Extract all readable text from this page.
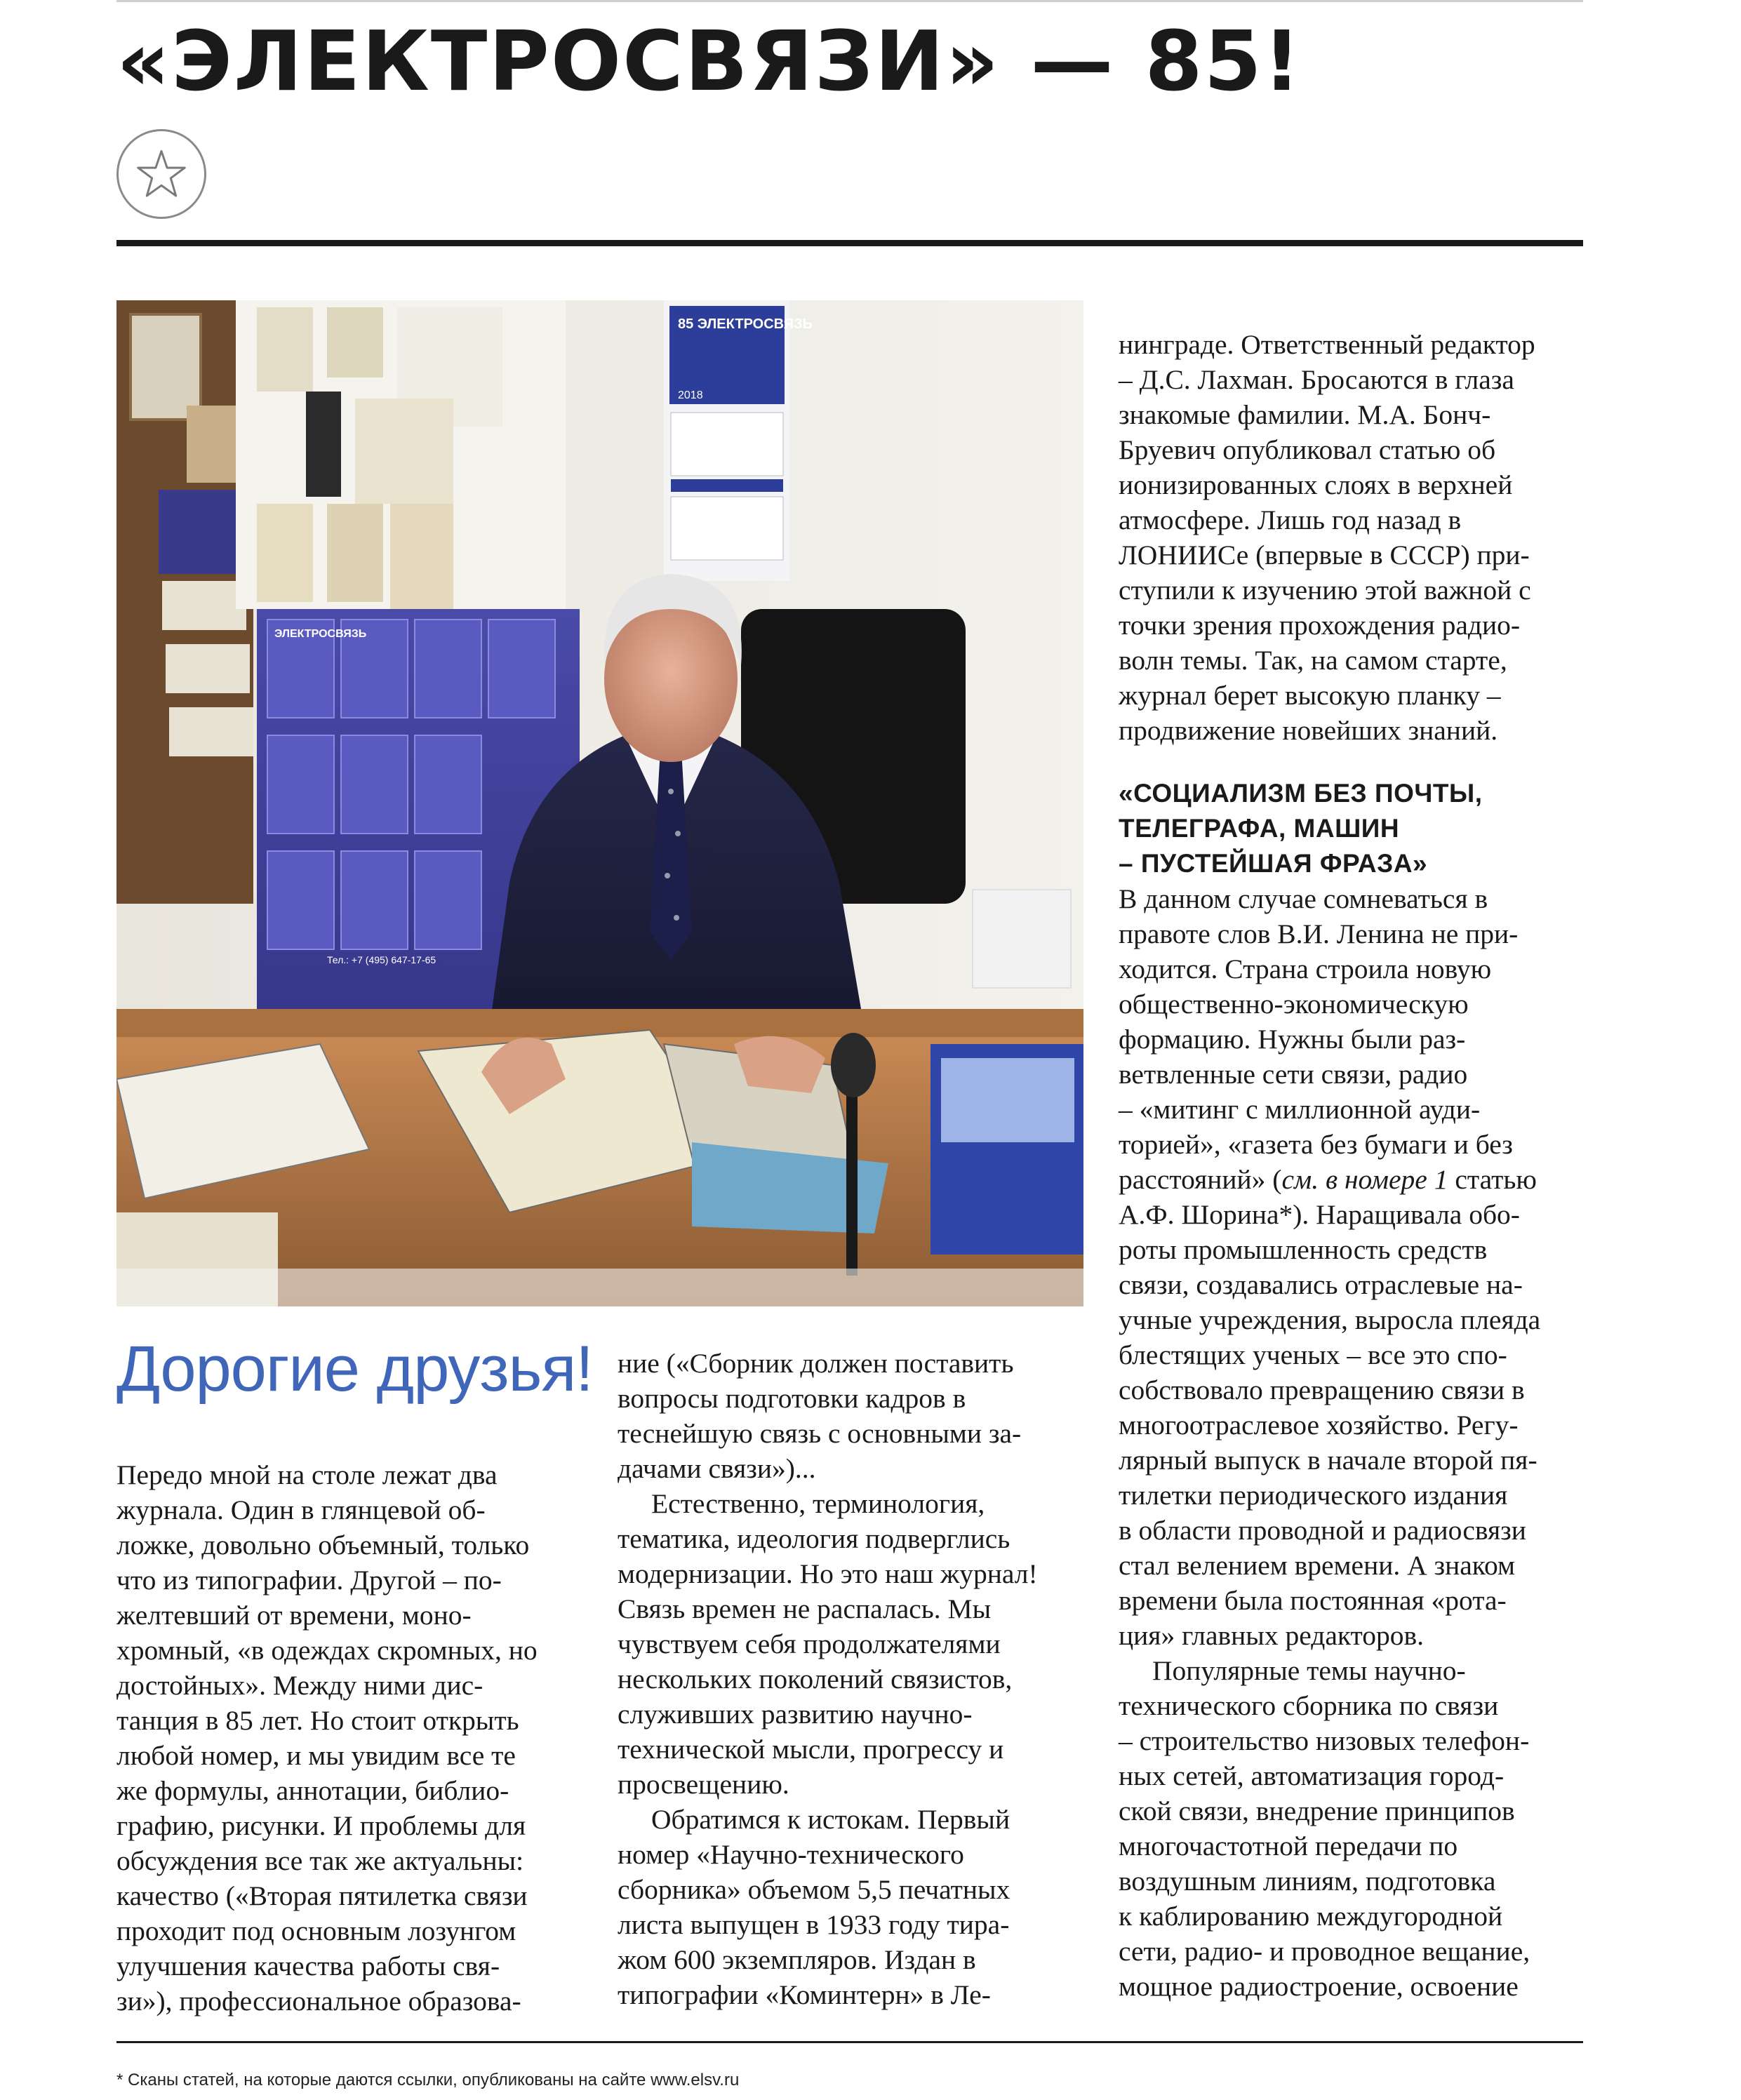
«ЭЛЕКТРОСВЯЗИ» — 85!
85 ЭЛЕКТРОСВЯЗЬ
2018
ЭЛЕКТРОСВЯЗЬ
Тел.: +7 (495) 647-17-65
Дорогие друзья!
Передо мной на столе лежат два
журнала. Один в глянцевой об-
ложке, довольно объемный, только
что из типографии. Другой – по-
желтевший от времени, моно-
хромный, «в одеждах скромных, но
достойных». Между ними дис-
танция в 85 лет. Но стоит открыть
любой номер, и мы увидим все те
же формулы, аннотации, библио-
графию, рисунки. И проблемы для
обсуждения все так же актуальны:
качество («Вторая пятилетка связи
проходит под основным лозунгом
улучшения качества работы свя-
зи»), профессиональное образова-
ние («Сборник должен поставить
вопросы подготовки кадров в
теснейшую связь с основными за-
дачами связи»)...
Естественно, терминология,
тематика, идеология подверглись
модернизации. Но это наш журнал!
Связь времен не распалась. Мы
чувствуем себя продолжателями
нескольких поколений связистов,
служивших развитию научно-
технической мысли, прогрессу и
просвещению.
Обратимся к истокам. Первый
номер «Научно-технического
сборника» объемом 5,5 печатных
листа выпущен в 1933 году тира-
жом 600 экземпляров. Издан в
типографии «Коминтерн» в Ле-
нинграде. Ответственный редактор
– Д.С. Лахман. Бросаются в глаза
знакомые фамилии. М.А. Бонч-
Бруевич опубликовал статью об
ионизированных слоях в верхней
атмосфере. Лишь год назад в
ЛОНИИСе (впервые в СССР) при-
ступили к изучению этой важной с
точки зрения прохождения радио-
волн темы. Так, на самом старте,
журнал берет высокую планку –
продвижение новейших знаний.
«СОЦИАЛИЗМ БЕЗ ПОЧТЫ,
ТЕЛЕГРАФА, МАШИН
– ПУСТЕЙШАЯ ФРАЗА»
В данном случае сомневаться в
правоте слов В.И. Ленина не при-
ходится. Страна строила новую
общественно-экономическую
формацию. Нужны были раз-
ветвленные сети связи, радио
– «митинг с миллионной ауди-
торией», «газета без бумаги и без
расстояний» (см. в номере 1 статью
А.Ф. Шорина*). Наращивала обо-
роты промышленность средств
связи, создавались отраслевые на-
учные учреждения, выросла плеяда
блестящих ученых – все это спо-
собствовало превращению связи в
многоотраслевое хозяйство. Регу-
лярный выпуск в начале второй пя-
тилетки периодического издания
в области проводной и радиосвязи
стал велением времени. А знаком
времени была постоянная «рота-
ция» главных редакторов.
Популярные темы научно-
технического сборника по связи
– строительство низовых телефон-
ных сетей, автоматизация город-
ской связи, внедрение принципов
многочастотной передачи по
воздушным линиям, подготовка
к каблированию междугородной
сети, радио- и проводное вещание,
мощное радиостроение, освоение
* Сканы статей, на которые даются ссылки, опубликованы на сайте www.elsv.ru
